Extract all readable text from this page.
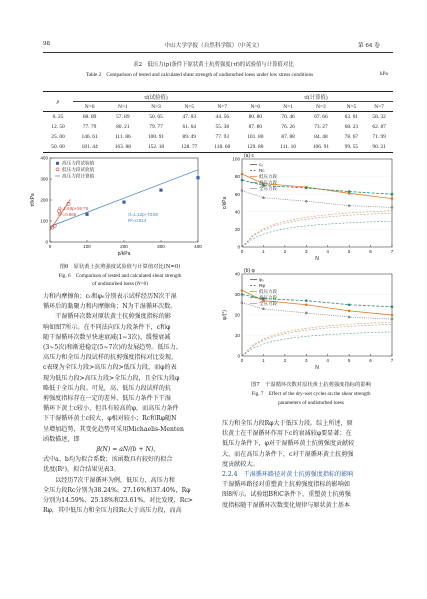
98	中山大学学报（自然科学版）（中英文）	第 64 卷
表2　低压力(p)条件下原状黄土抗剪强度(τf)的试验值与计算值对比
Table 2　Comparison of tested and calculated shear strength of undisturbed loess under low stress conditions	kPa
p	τf(试验值)					τf(计算值)				
	N=0	N=1	N=3	N=5	N=7	N=0	N=1	N=3	N=5	N=7
6. 25	68. 89	57. 89	50. 65	47. 03	44. 56	80. 80	70. 46	67. 66	63. 01	58. 32
12. 50	77. 79	80. 21	79. 77	61. 64	55. 38	87. 80	76. 26	73. 27	68. 23	62. 87
25. 00	146. 61	111. 86	100. 91	89. 49	77. 93	101. 80	87. 88	84. 48	78. 67	71. 99
50. 00	181. 44	163. 88	152. 18	128. 77	118. 60	129. 80	111. 10	106. 91	99. 55	90. 21
0	100	200	300	400
0
100
200
300
400
p/kPa
τf/kPa
高压力段试验值
低压力段试验值
高压力段计算值
τf=2.68p+55.79
R²=0.868	τf=1.12p+73.80
R²=0.914
图6　原状黄土抗剪强度试验值与计算值对比(N=0)
Fig. 6　Comparison of tested and calculated shear strength
of undisturbed loess (N=0)
0
20
40
60
80
100
0	1	2	3	4	5	6	7
N
c/kPa
(a) c
c₀
Rc
低压力段
高压力段
全压力段
0
10
20
30
40
0	1	2	3	4	5	6	7
N
φ/(°)
(b) φ
φ₀
Rφ
低压力段
高压力段
全压力段
图7　干湿循环次数对原状黄土抗剪强度指标的影响
Fig. 7　Effect of the dry-wet cycles on the shear strength
parameters of undisturbed loess
力和内摩擦角；c₀和φ₀分别表示试样经历N次干湿
循环后的黏聚力和内摩擦角；N为干湿循环次数。
　　干湿循环次数对原状黄土抗剪强度指标的影
响如图7所示。在不同法向压力段条件下，c和φ
随干湿循环次数呈快速衰减(1~3次)、缓慢衰减
(3~5次)和渐进稳定(5~7次)的发展趋势。低压力、
高压力和全压力段试样的抗剪强度指标对比发现，
c表现为全压力段>高压力段>低压力段，而φ的表
现为低压力段>高压力段>全压力段，且全压力段φ
略低于全压力段。可见，高、低压力段试样的抗
剪强度指标存在一定的差异，低压力条件下干湿
循环下黄土c较小，但具有较高的φ，而高压力条件
下干湿循环黄土c较大，φ相对较小；Rc和Rφ随N
呈增加趋势，其变化趋势可采用Michaelis-Menten
函数描述，即
β(N) = aN/(b + N)，
式中a、b均为拟合系数；该函数具有较好的拟合
优度(R²)，拟合结果见表3。
　　以经历7次干湿循环为例，低压力、高压力和
全压力段Rc分别为38.24%、27.16%和37.40%，Rφ
分别为14.59%、25.18%和23.61%。对比发现，Rc>
Rφ，其中低压力和全压力段Rc大于高压力段，而高
压力和全压力段Rφ大于低压力段。综上所述，原
状黄土在干湿循环作用下c的衰减较φ要显著；在
低压力条件下，φ对干湿循环黄土抗剪强度贡献较
大，而在高压力条件下，c对干湿循环黄土抗剪强
度贡献较大。
2.2.4　干湿循环路径对黄土抗剪强度指标的影响
干湿循环路径对重塑黄土抗剪强度指标的影响如
图8所示。试验组B和C条件下，重塑黄土抗剪强
度指标随干湿循环次数变化规律与原状黄土基本
